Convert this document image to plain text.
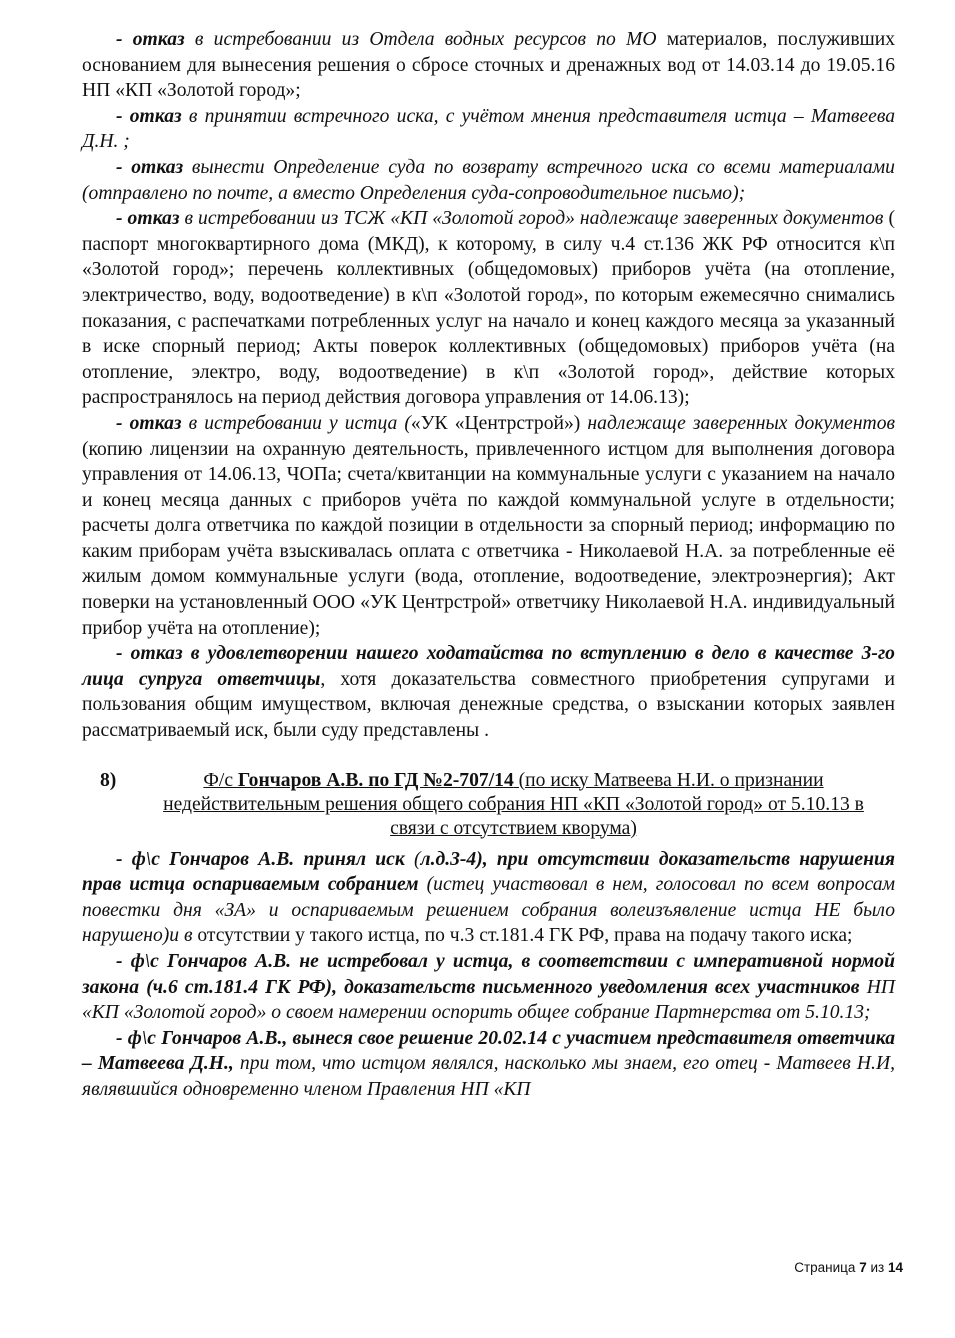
- отказ в истребовании из Отдела водных ресурсов по МО материалов, послуживших основанием для вынесения решения о сбросе сточных и дренажных вод от 14.03.14 до 19.05.16 НП «КП «Золотой город»;

- отказ в принятии встречного иска, с учётом мнения представителя истца – Матвеева Д.Н. ;

- отказ вынести Определение суда по возврату встречного иска со всеми материалами (отправлено по почте, а вместо Определения суда-сопроводительное письмо);

- отказ в истребовании из ТСЖ «КП «Золотой город» надлежаще заверенных документов ( паспорт многоквартирного дома (МКД), к которому, в силу ч.4 ст.136 ЖК РФ относится к\п «Золотой город»; перечень коллективных (общедомовых) приборов учёта (на отопление, электричество, воду, водоотведение) в к\п «Золотой город», по которым ежемесячно снимались показания, с распечатками потребленных услуг на начало и конец каждого месяца за указанный в иске спорный период; Акты поверок коллективных (общедомовых) приборов учёта (на отопление, электро, воду, водоотведение) в к\п «Золотой город», действие которых распространялось на период действия договора управления от 14.06.13);

- отказ в истребовании у истца («УК «Центрстрой») надлежаще заверенных документов (копию лицензии на охранную деятельность, привлеченного истцом для выполнения договора управления от 14.06.13, ЧОПа; счета/квитанции на коммунальные услуги с указанием на начало и конец месяца данных с приборов учёта по каждой коммунальной услуге в отдельности; расчеты долга ответчика по каждой позиции в отдельности за спорный период; информацию по каким приборам учёта взыскивалась оплата с ответчика - Николаевой Н.А. за потребленные её жилым домом коммунальные услуги (вода, отопление, водоотведение, электроэнергия); Акт поверки на установленный ООО «УК Центрстрой» ответчику Николаевой Н.А. индивидуальный прибор учёта на отопление);

- отказ в удовлетворении нашего ходатайства по вступлению в дело в качестве 3-го лица супруга ответчицы, хотя доказательства совместного приобретения супругами и пользования общим имуществом, включая денежные средства, о взыскании которых заявлен рассматриваемый иск, были суду представлены .

8)	Ф/с Гончаров А.В. по ГД №2-707/14 (по иску Матвеева Н.И. о признании недействительным решения общего собрания НП «КП «Золотой город» от 5.10.13 в связи с отсутствием кворума)

- ф\с Гончаров А.В. принял иск (л.д.3-4), при отсутствии доказательств нарушения прав истца оспариваемым собранием (истец участвовал в нем, голосовал по всем вопросам повестки дня «ЗА» и оспариваемым решением собрания волеизъявление истца НЕ было нарушено)и в отсутствии у такого истца, по ч.3 ст.181.4 ГК РФ, права на подачу такого иска;

- ф\с Гончаров А.В. не истребовал у истца, в соответствии с императивной нормой закона (ч.6 ст.181.4 ГК РФ), доказательств письменного уведомления всех участников НП «КП «Золотой город» о своем намерении оспорить общее собрание Партнерства от 5.10.13;

- ф\с Гончаров А.В., вынеся свое решение 20.02.14 с участием представителя ответчика – Матвеева Д.Н., при том, что истцом являлся, насколько мы знаем, его отец - Матвеев Н.И, являвшийся одновременно членом Правления НП «КП

Страница 7 из 14
